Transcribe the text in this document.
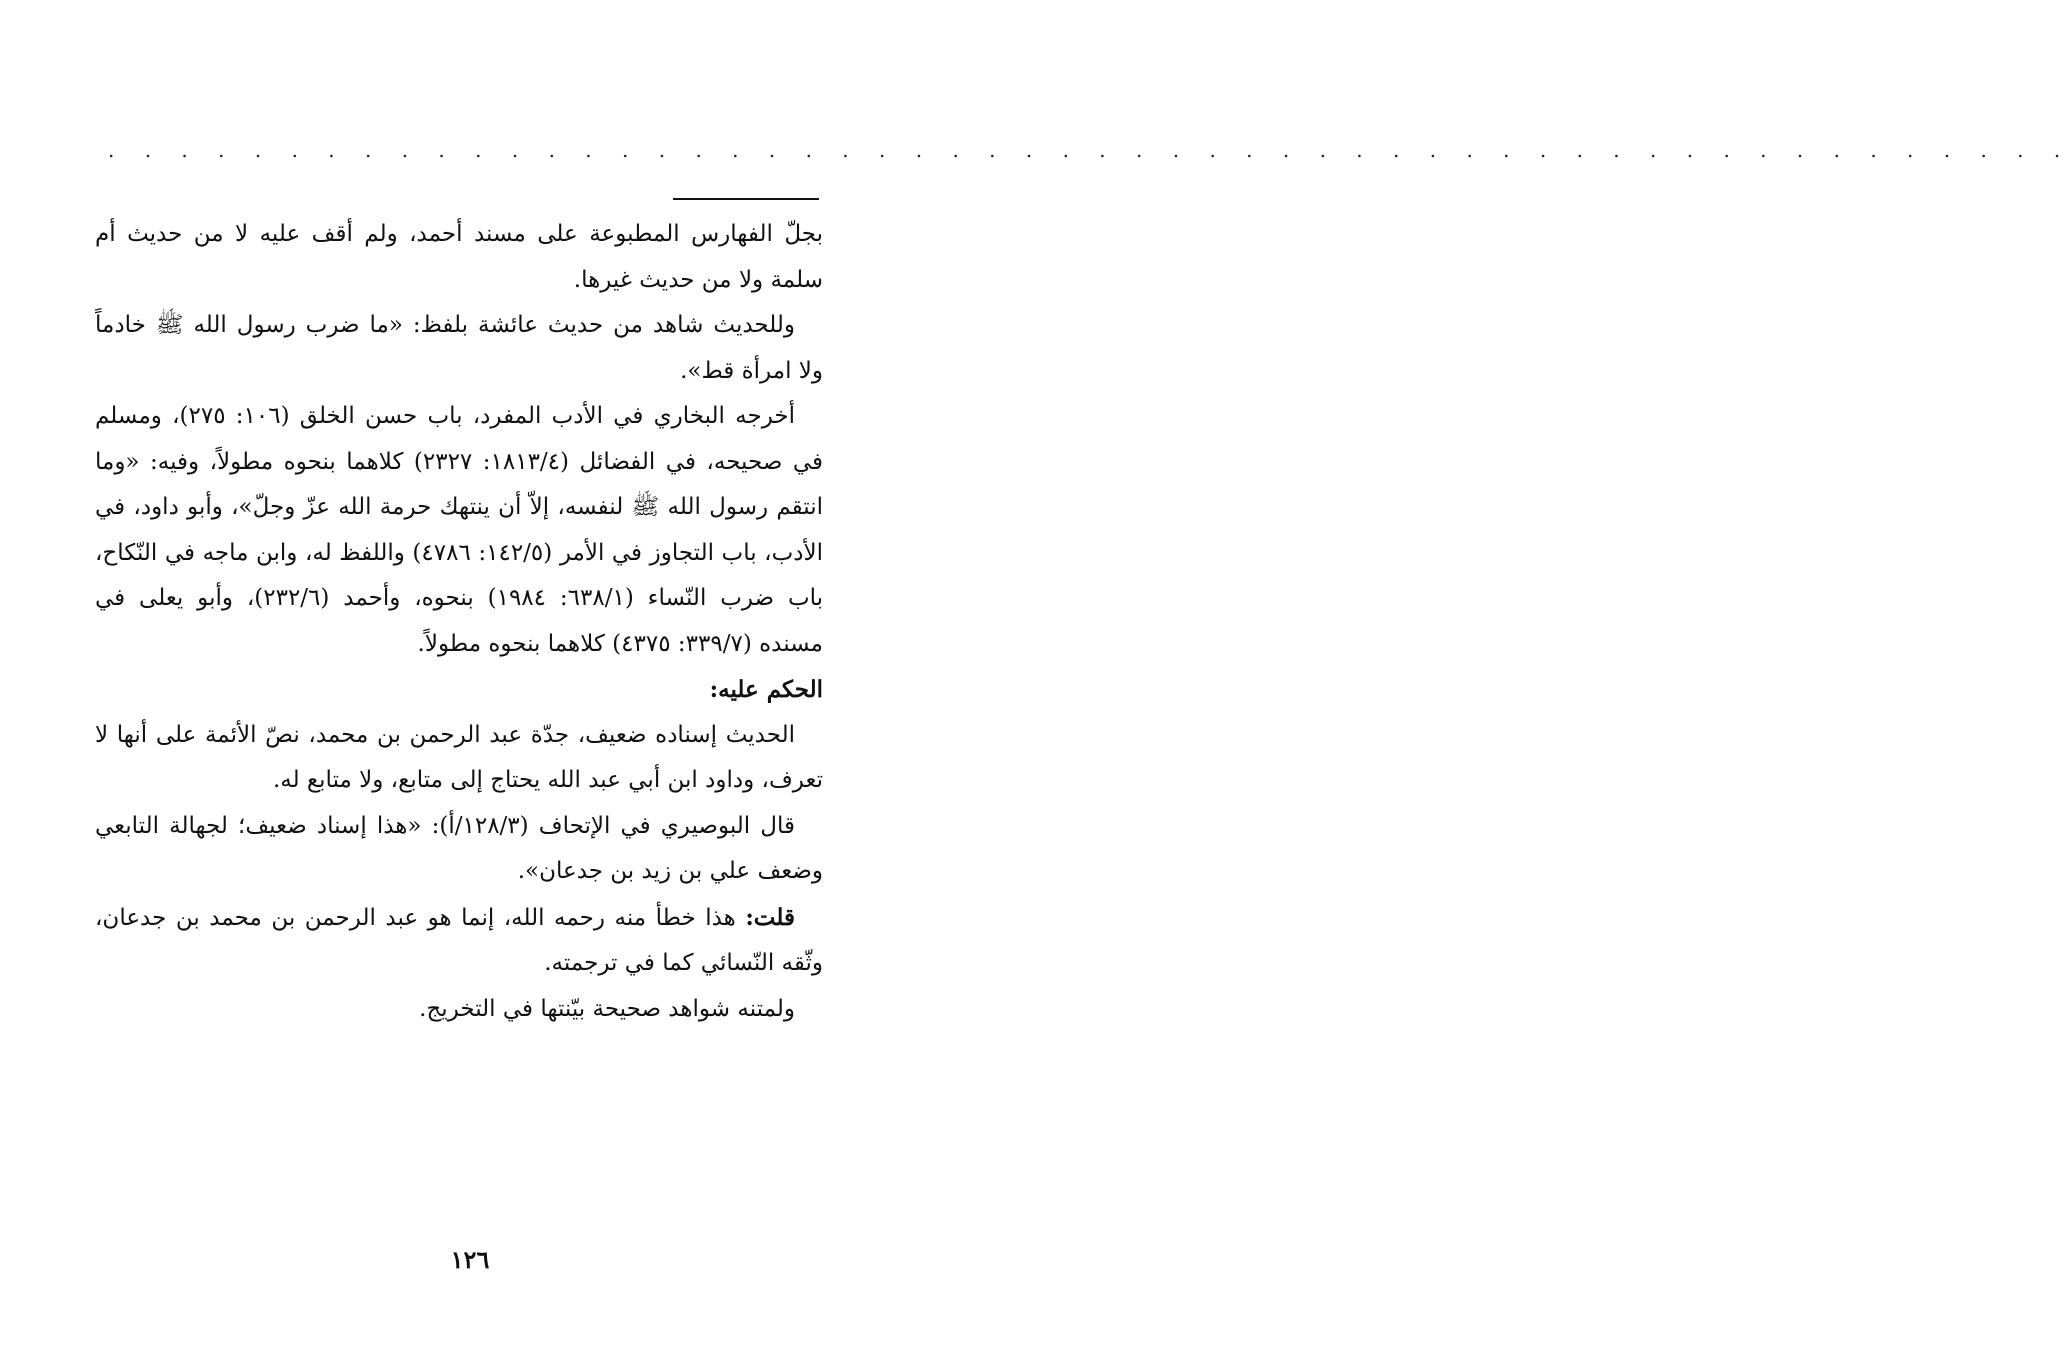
. . . . . . . . . . . . . . . . . . . . . . . . . . . . . . . . . . . . . . . . . . . . . . . . . . . . . .

بجلّ الفهارس المطبوعة على مسند أحمد، ولم أقف عليه لا من حديث أم سلمة ولا من حديث غيرها.

وللحديث شاهد من حديث عائشة بلفظ: «ما ضرب رسول الله ﷺ خادماً ولا امرأة قط».

أخرجه البخاري في الأدب المفرد، باب حسن الخلق (١٠٦: ٢٧٥)، ومسلم في صحيحه، في الفضائل (١٨١٣/٤: ٢٣٢٧) كلاهما بنحوه مطولاً، وفيه: «وما انتقم رسول الله ﷺ لنفسه، إلاّ أن ينتهك حرمة الله عزّ وجلّ»، وأبو داود، في الأدب، باب التجاوز في الأمر (١٤٢/٥: ٤٧٨٦) واللفظ له، وابن ماجه في النّكاح، باب ضرب النّساء (٦٣٨/١: ١٩٨٤) بنحوه، وأحمد (٢٣٢/٦)، وأبو يعلى في مسنده (٣٣٩/٧: ٤٣٧٥) كلاهما بنحوه مطولاً.

الحكم عليه:

الحديث إسناده ضعيف، جدّة عبد الرحمن بن محمد، نصّ الأئمة على أنها لا تعرف، وداود ابن أبي عبد الله يحتاج إلى متابع، ولا متابع له.

قال البوصيري في الإتحاف (١٢٨/٣/أ): «هذا إسناد ضعيف؛ لجهالة التابعي وضعف علي بن زيد بن جدعان».

قلت: هذا خطأ منه رحمه الله، إنما هو عبد الرحمن بن محمد بن جدعان، وثّقه النّسائي كما في ترجمته.

ولمتنه شواهد صحيحة بيّنتها في التخريج.

١٢٦
